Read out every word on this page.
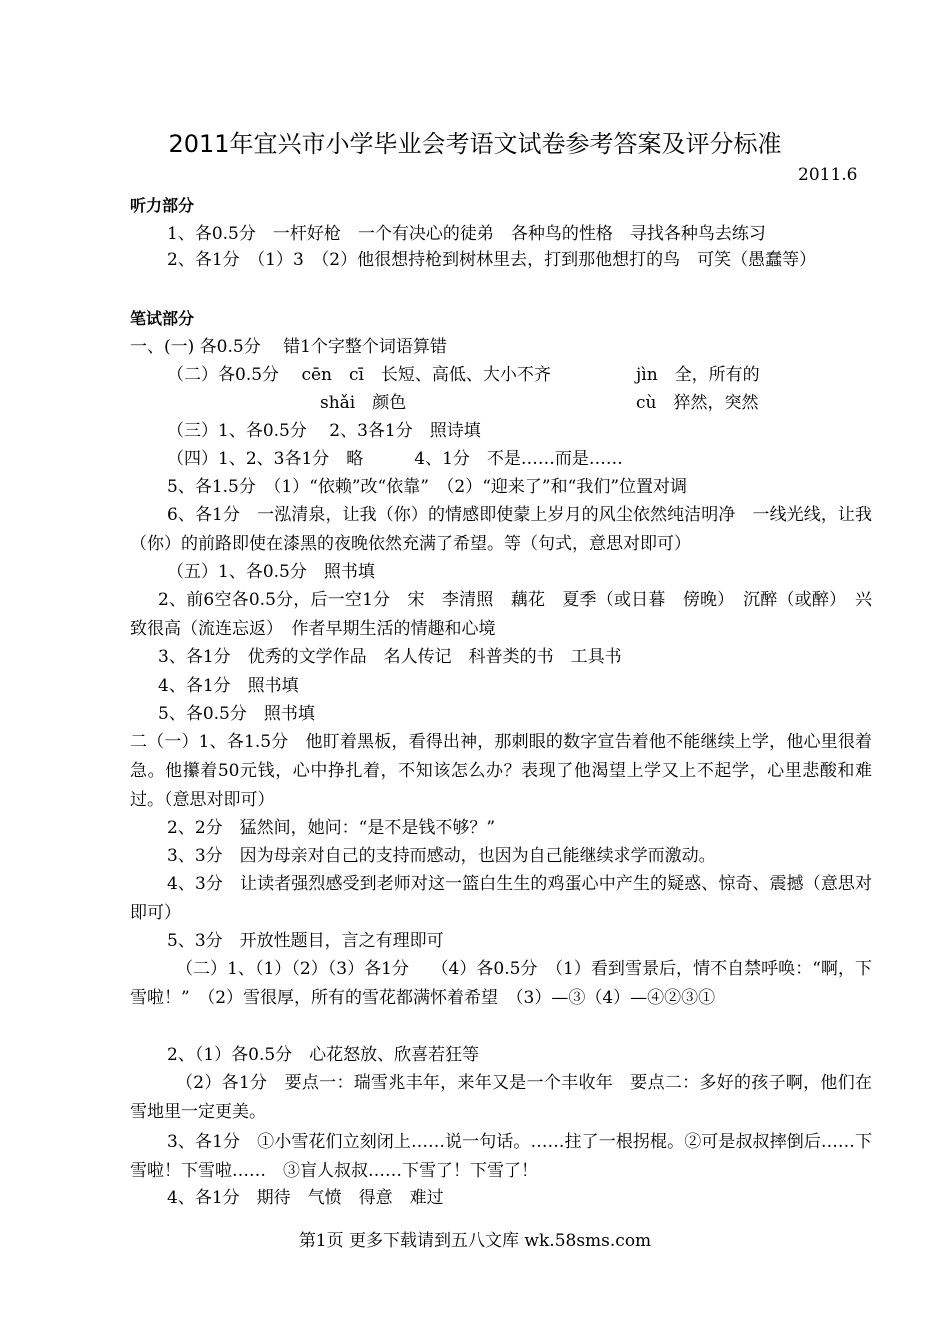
2011年宜兴市小学毕业会考语文试卷参考答案及评分标准
2011.6
听力部分
1、各0.5分　一杆好枪　一个有决心的徒弟　各种鸟的性格　寻找各种鸟去练习
2、各1分　（1）3　（2）他很想持枪到树林里去，打到那他想打的鸟　可笑（愚蠢等）
笔试部分
一、(一) 各0.5分　 错1个字整个词语算错
（二）各0.5分　 cēn　cī　长短、高低、大小不齐	jìn　全，所有的
shǎi　颜色	cù　猝然，突然
（三）1、各0.5分　 2、3各1分　照诗填
（四）1、2、3各1分　略　　　4、1分　不是……而是……
5、各1.5分　（1）“依赖”改“依靠”　（2）“迎来了”和“我们”位置对调
6、各1分　一泓清泉，让我（你）的情感即使蒙上岁月的风尘依然纯洁明净　一线光线，让我（你）的前路即使在漆黑的夜晚依然充满了希望。等（句式，意思对即可）
（五）1、各0.5分　照书填
2、前6空各0.5分，后一空1分　宋　李清照　藕花　夏季（或日暮　傍晚）　沉醉（或醉）　兴致很高（流连忘返）　作者早期生活的情趣和心境
3、各1分　优秀的文学作品　名人传记　科普类的书　工具书
4、各1分　照书填
5、各0.5分　照书填
二（一）1、各1.5分　他盯着黑板，看得出神，那刺眼的数字宣告着他不能继续上学，他心里很着急。他攥着50元钱，心中挣扎着，不知该怎么办？表现了他渴望上学又上不起学，心里悲酸和难过。（意思对即可）
2、2分　猛然间，她问：“是不是钱不够？”
3、3分　因为母亲对自己的支持而感动，也因为自己能继续求学而激动。
4、3分　让读者强烈感受到老师对这一篮白生生的鸡蛋心中产生的疑惑、惊奇、震撼（意思对即可）
5、3分　开放性题目，言之有理即可
（二）1、（1）（2）（3）各1分　 （4）各0.5分　（1）看到雪景后，情不自禁呼唤：“啊，下雪啦！”　（2）雪很厚，所有的雪花都满怀着希望　（3）—③（4）—④②③①
2、（1）各0.5分　心花怒放、欣喜若狂等
（2）各1分　要点一：瑞雪兆丰年，来年又是一个丰收年　要点二：多好的孩子啊，他们在雪地里一定更美。
3、各1分　①小雪花们立刻闭上……说一句话。……拄了一根拐棍。②可是叔叔摔倒后……下雪啦！下雪啦……　③盲人叔叔……下雪了！下雪了！
4、各1分　期待　气愤　得意　难过
第1页 更多下载请到五八文库 wk.58sms.com
